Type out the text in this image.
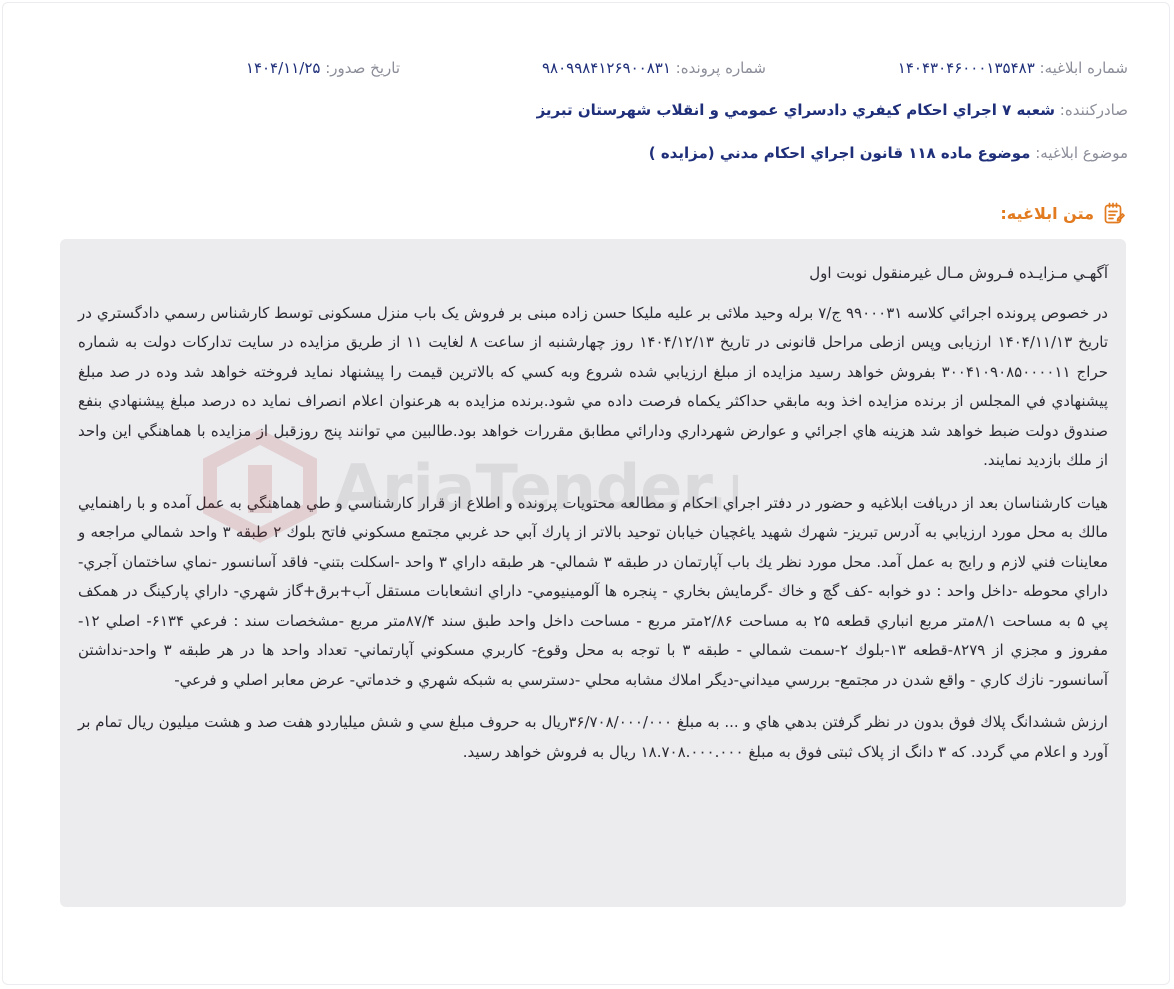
شماره ابلاغيه: ۱۴۰۴۳۰۴۶۰۰۰۱۳۵۴۸۳
شماره پرونده: ۹۸۰۹۹۸۴۱۲۶۹۰۰۸۳۱
تاريخ صدور: ۱۴۰۴/۱۱/۲۵
صادرکننده: شعبه ۷ اجراي احکام کيفري دادسراي عمومي و انقلاب شهرستان تبريز
موضوع ابلاغيه: موضوع ماده ۱۱۸ قانون اجراي احکام مدني (مزايده )
متن ابلاغيه:

آگهـي مـزايـده فـروش مـال غيرمنقول نوبت اول

در خصوص پرونده اجرائي کلاسه ۹۹۰۰۰۳۱ ج/۷ برله وحيد ملائی بر عليه مليکا حسن زاده مبنی بر فروش یک باب منزل مسکونی توسط کارشناس رسمي دادگستري در تاريخ ۱۴۰۴/۱۱/۱۳ ارزيابی وپس ازطی مراحل قانونی در تاريخ ۱۴۰۴/۱۲/۱۳ روز چهارشنبه از ساعت ۸ لغايت ۱۱ از طريق مزايده در سايت تدارکات دولت به شماره حراج ۳۰۰۴۱۰۹۰۸۵۰۰۰۰۱۱ بفروش خواهد رسيد مزايده از مبلغ ارزيابي شده شروع وبه کسي که بالاترين قيمت را پيشنهاد نمايد فروخته خواهد شد وده در صد مبلغ پيشنهادي في المجلس از برنده مزايده اخذ وبه مابقي حداکثر يکماه فرصت داده مي شود.برنده مزايده به هرعنوان اعلام انصراف نمايد ده درصد مبلغ پيشنهادي بنفع صندوق دولت ضبط خواهد شد هزينه هاي اجرائي و عوارض شهرداري ودارائي مطابق مقررات خواهد بود.طالبين مي توانند پنج روزقبل از مزايده با هماهنگي اين واحد از ملك بازديد نمايند.

هيات کارشناسان بعد از دريافت ابلاغيه و حضور در دفتر اجراي احکام و مطالعه محتويات پرونده و اطلاع از قرار کارشناسي و طي هماهنگي به عمل آمده و با راهنمايي مالك به محل مورد ارزيابي به آدرس تبريز- شهرك شهيد ياغچيان خيابان توحيد بالاتر از پارك آبي حد غربي مجتمع مسكوني فاتح بلوك ۲ طبقه ۳ واحد شمالي مراجعه و معاينات فني لازم و رايج به عمل آمد. محل مورد نظر يك باب آپارتمان در طبقه ۳ شمالي- هر طبقه داراي ۳ واحد -اسكلت بتني- فاقد آسانسور -نماي ساختمان آجري-داراي محوطه -داخل واحد : دو خوابه -كف گچ و خاك -گرمايش بخاري - پنجره ها آلومينيومي- داراي انشعابات مستقل آب+برق+گاز شهري- داراي پاركينگ در همكف پي ۵ به مساحت ۸/۱متر مربع انباري قطعه ۲۵ به مساحت ۲/۸۶متر مربع - مساحت داخل واحد طبق سند ۸۷/۴متر مربع -مشخصات سند : فرعي ۶۱۳۴- اصلي ۱۲- مفروز و مجزي از ۸۲۷۹-قطعه ۱۳-بلوك ۲-سمت شمالي - طبقه ۳ با توجه به محل وقوع- كاربري مسكوني آپارتماني- تعداد واحد ها در هر طبقه ۳ واحد-نداشتن آسانسور- نازك كاري - واقع شدن در مجتمع- بررسي ميداني-ديگر املاك مشابه محلي -دسترسي به شبكه شهري و خدماتي- عرض معابر اصلي و فرعي-

ارزش ششدانگ پلاك فوق بدون در نظر گرفتن بدهي هاي و ... به مبلغ ۳۶/۷۰۸/۰۰۰/۰۰۰ريال به حروف مبلغ سي و شش ميلياردو هفت صد و هشت ميليون ريال تمام بر آورد و اعلام مي گردد. كه ۳ دانگ از پلاک ثبتی فوق به مبلغ ۱۸.۷۰۸.۰۰۰.۰۰۰ ريال به فروش خواهد رسيد.
